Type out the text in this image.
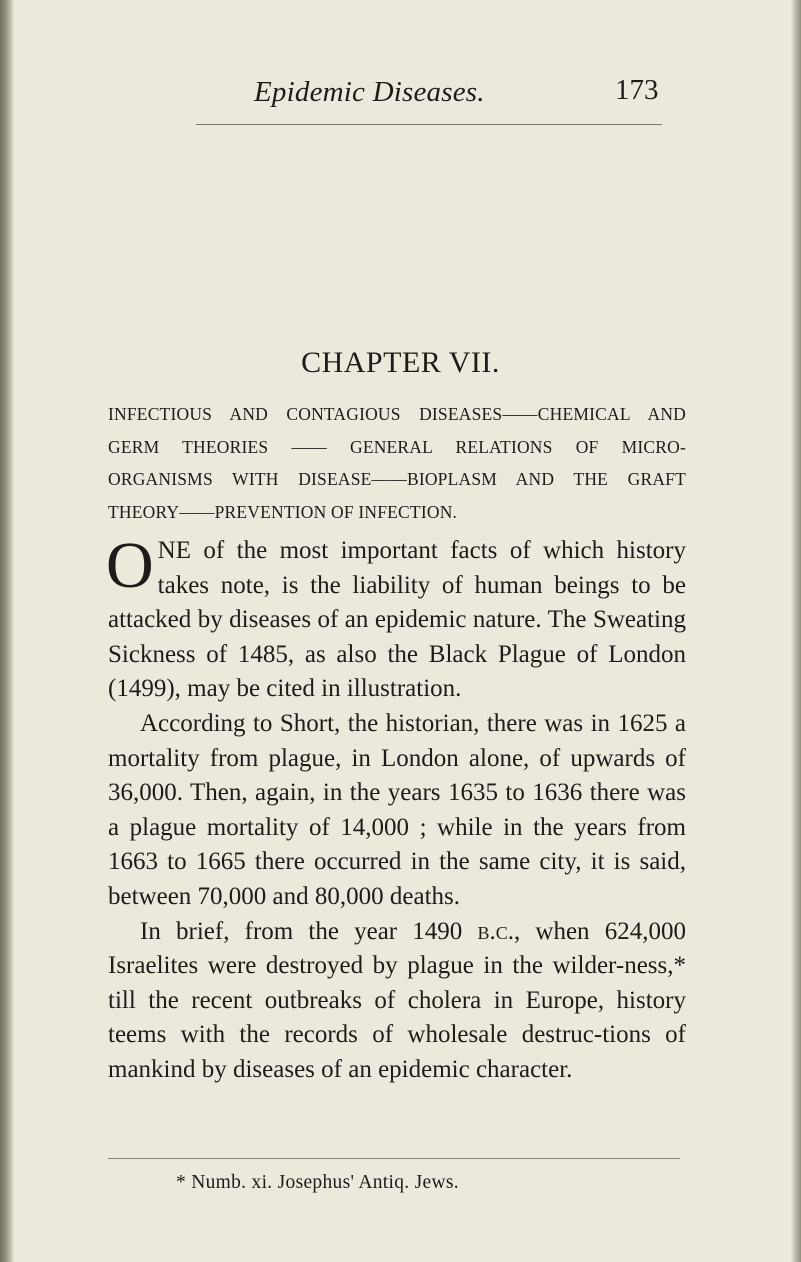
Epidemic Diseases.	173
CHAPTER VII.
INFECTIOUS AND CONTAGIOUS DISEASES——CHEMICAL AND
GERM THEORIES —— GENERAL RELATIONS OF MICRO-
ORGANISMS WITH DISEASE——BIOPLASM AND THE GRAFT
THEORY——PREVENTION OF INFECTION.

ONE of the most important facts of which history takes note, is the liability of human beings to be attacked by diseases of an epidemic nature. The Sweating Sickness of 1485, as also the Black Plague of London (1499), may be cited in illustration.

According to Short, the historian, there was in 1625 a mortality from plague, in London alone, of upwards of 36,000. Then, again, in the years 1635 to 1636 there was a plague mortality of 14,000 ; while in the years from 1663 to 1665 there occurred in the same city, it is said, between 70,000 and 80,000 deaths.

In brief, from the year 1490 b.c., when 624,000 Israelites were destroyed by plague in the wilder-ness,* till the recent outbreaks of cholera in Europe, history teems with the records of wholesale destruc-tions of mankind by diseases of an epidemic character.

* Numb. xi. Josephus' Antiq. Jews.
